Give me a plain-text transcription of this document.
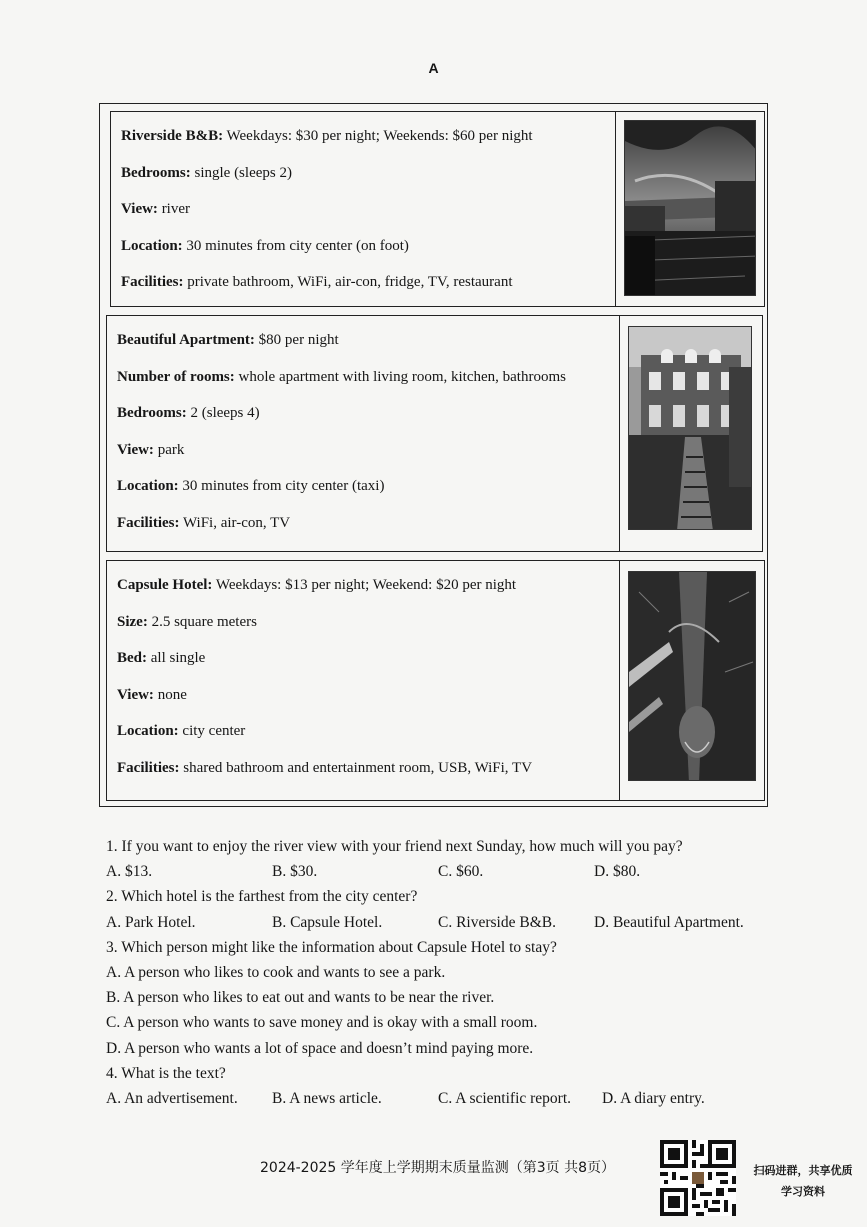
A
Riverside B&B: Weekdays: $30 per night; Weekends: $60 per night
Bedrooms: single (sleeps 2)
View: river
Location: 30 minutes from city center (on foot)
Facilities: private bathroom, WiFi, air-con, fridge, TV, restaurant
Beautiful Apartment: $80 per night
Number of rooms: whole apartment with living room, kitchen, bathrooms
Bedrooms: 2 (sleeps 4)
View: park
Location: 30 minutes from city center (taxi)
Facilities: WiFi, air-con, TV
Capsule Hotel: Weekdays: $13 per night; Weekend: $20 per night
Size: 2.5 square meters
Bed: all single
View: none
Location: city center
Facilities: shared bathroom and entertainment room, USB, WiFi, TV
1. If you want to enjoy the river view with your friend next Sunday, how much will you pay?
A. $13.	B. $30.	C. $60.	D. $80.
2. Which hotel is the farthest from the city center?
A. Park Hotel.	B. Capsule Hotel.	C. Riverside B&B. D. Beautiful Apartment.
3. Which person might like the information about Capsule Hotel to stay?
A. A person who likes to cook and wants to see a park.
B. A person who likes to eat out and wants to be near the river.
C. A person who wants to save money and is okay with a small room.
D. A person who wants a lot of space and doesn’t mind paying more.
4. What is the text?
A. An advertisement. B. A news article.	C. A scientific report. D. A diary entry.
2024-2025 学年度上学期期末质量监测（第3页 共8页）	扫码进群，共享优质
学习资料
